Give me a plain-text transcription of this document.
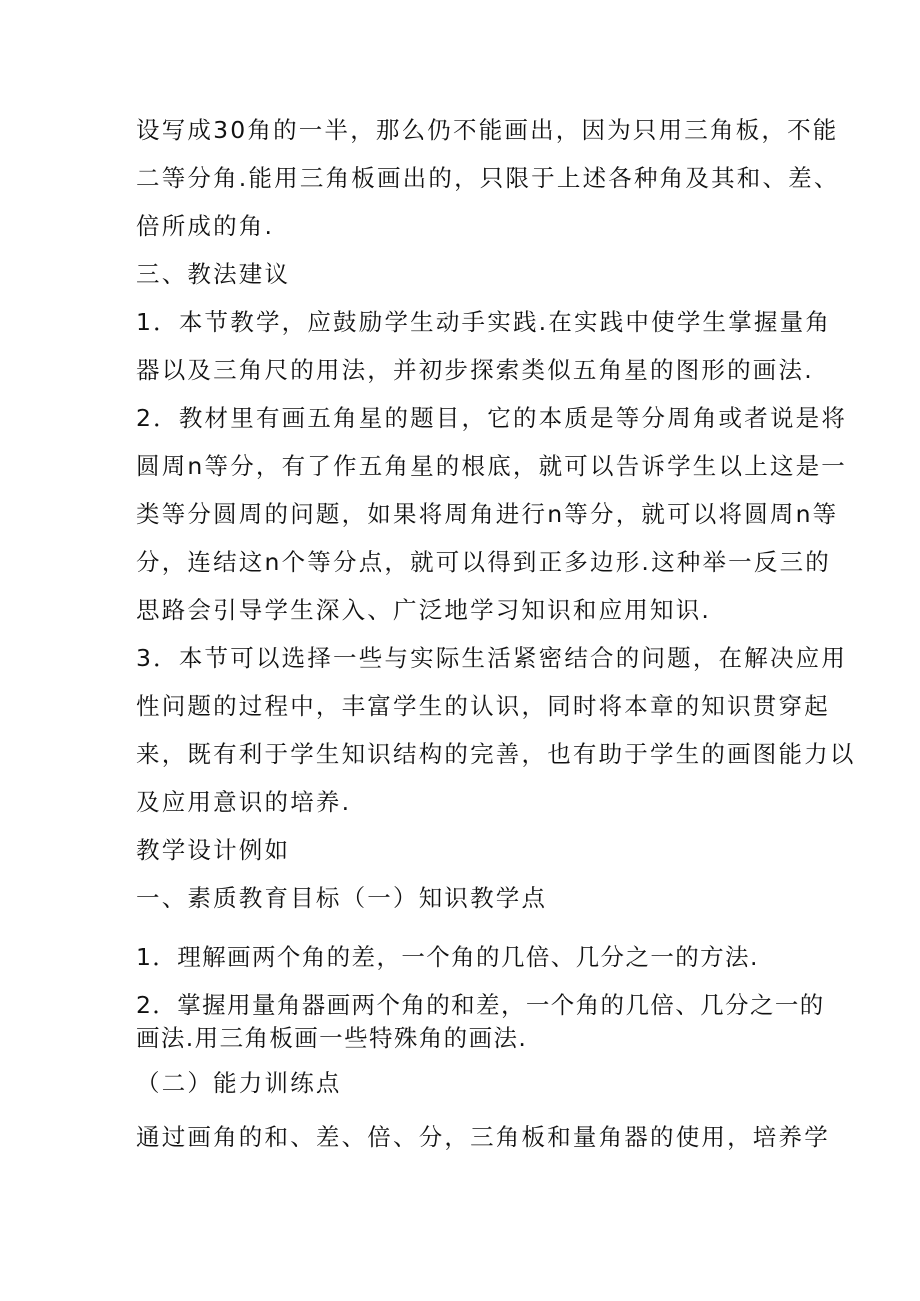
设写成30角的一半，那么仍不能画出，因为只用三角板，不能
二等分角.能用三角板画出的，只限于上述各种角及其和、差、
倍所成的角.
三、教法建议
1．本节教学，应鼓励学生动手实践.在实践中使学生掌握量角
器以及三角尺的用法，并初步探索类似五角星的图形的画法.
2．教材里有画五角星的题目，它的本质是等分周角或者说是将
圆周n等分，有了作五角星的根底，就可以告诉学生以上这是一
类等分圆周的问题，如果将周角进行n等分，就可以将圆周n等
分，连结这n个等分点，就可以得到正多边形.这种举一反三的
思路会引导学生深入、广泛地学习知识和应用知识.
3．本节可以选择一些与实际生活紧密结合的问题，在解决应用
性问题的过程中，丰富学生的认识，同时将本章的知识贯穿起
来，既有利于学生知识结构的完善，也有助于学生的画图能力以
及应用意识的培养.
教学设计例如
一、素质教育目标（一）知识教学点
1．理解画两个角的差，一个角的几倍、几分之一的方法.
2．掌握用量角器画两个角的和差，一个角的几倍、几分之一的
画法.用三角板画一些特殊角的画法.
（二）能力训练点
通过画角的和、差、倍、分，三角板和量角器的使用，培养学
